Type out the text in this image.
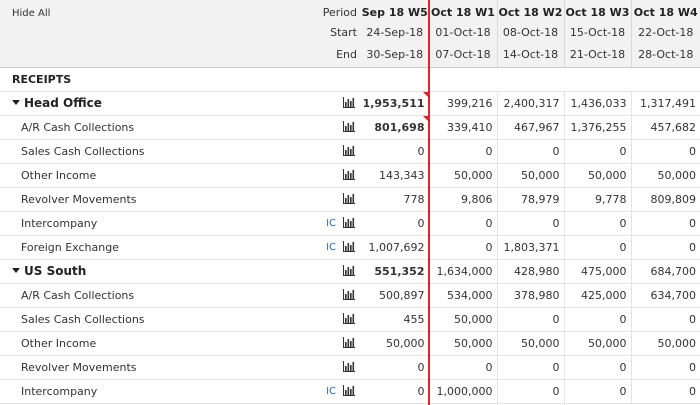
Period	Sep 18 W5	Oct 18 W1	Oct 18 W2	Oct 18 W3	Oct 18 W4
Start	24-Sep-18	01-Oct-18	08-Oct-18	15-Oct-18	22-Oct-18
End	30-Sep-18	07-Oct-18	14-Oct-18	21-Oct-18	28-Oct-18
RECEIPTS					
Head Office	1,953,511	399,216	2,400,317	1,436,033	1,317,491
A/R Cash Collections	801,698	339,410	467,967	1,376,255	457,682
Sales Cash Collections	0	0	0	0	0
Other Income	143,343	50,000	50,000	50,000	50,000
Revolver Movements	778	9,806	78,979	9,778	809,809
Intercompany IC	0	0	0	0	0
Foreign Exchange IC	1,007,692	0	1,803,371	0	0
US South	551,352	1,634,000	428,980	475,000	684,700
A/R Cash Collections	500,897	534,000	378,980	425,000	634,700
Sales Cash Collections	455	50,000	0	0	0
Other Income	50,000	50,000	50,000	50,000	50,000
Revolver Movements	0	0	0	0	0
Intercompany IC	0	1,000,000	0	0	0
Hide All
